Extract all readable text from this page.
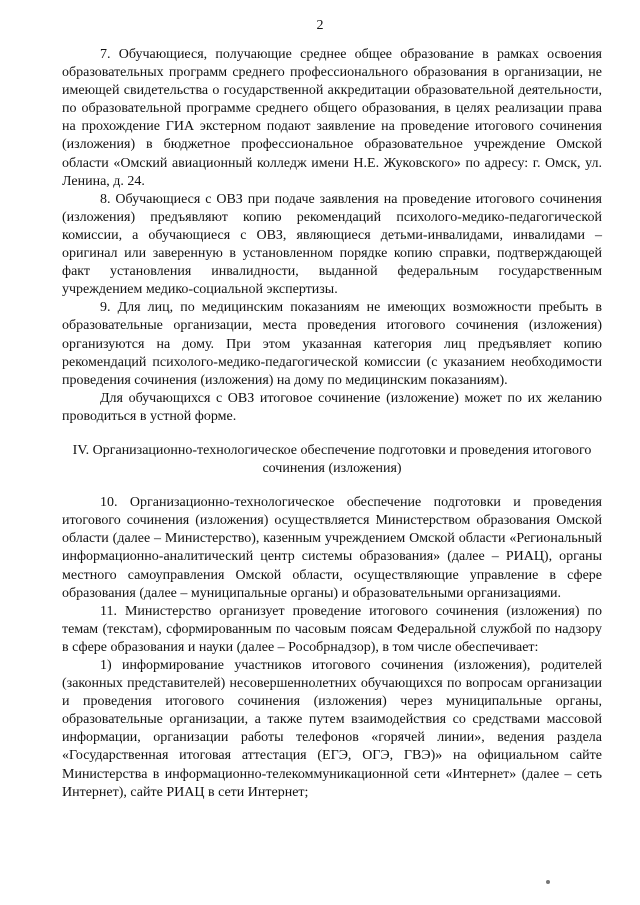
2

7. Обучающиеся, получающие среднее общее образование в рамках освоения образовательных программ среднего профессионального образования в организации, не имеющей свидетельства о государственной аккредитации образовательной деятельности, по образовательной программе среднего общего образования, в целях реализации права на прохождение ГИА экстерном подают заявление на проведение итогового сочинения (изложения) в бюджетное профессиональное образовательное учреждение Омской области «Омский авиационный колледж имени Н.Е. Жуковского» по адресу: г. Омск, ул. Ленина, д. 24.

8. Обучающиеся с ОВЗ при подаче заявления на проведение итогового сочинения (изложения) предъявляют копию рекомендаций психолого-медико-педагогической комиссии, а обучающиеся с ОВЗ, являющиеся детьми-инвалидами, инвалидами – оригинал или заверенную в установленном порядке копию справки, подтверждающей факт установления инвалидности, выданной федеральным государственным учреждением медико-социальной экспертизы.

9. Для лиц, по медицинским показаниям не имеющих возможности пребыть в образовательные организации, места проведения итогового сочинения (изложения) организуются на дому. При этом указанная категория лиц предъявляет копию рекомендаций психолого-медико-педагогической комиссии (с указанием необходимости проведения сочинения (изложения) на дому по медицинским показаниям).

Для обучающихся с ОВЗ итоговое сочинение (изложение) может по их желанию проводиться в устной форме.

IV. Организационно-технологическое обеспечение подготовки и проведения итогового сочинения (изложения)

10. Организационно-технологическое обеспечение подготовки и проведения итогового сочинения (изложения) осуществляется Министерством образования Омской области (далее – Министерство), казенным учреждением Омской области «Региональный информационно-аналитический центр системы образования» (далее – РИАЦ), органы местного самоуправления Омской области, осуществляющие управление в сфере образования (далее – муниципальные органы) и образовательными организациями.

11. Министерство организует проведение итогового сочинения (изложения) по темам (текстам), сформированным по часовым поясам Федеральной службой по надзору в сфере образования и науки (далее – Рособрнадзор), в том числе обеспечивает:

1) информирование участников итогового сочинения (изложения), родителей (законных представителей) несовершеннолетних обучающихся по вопросам организации и проведения итогового сочинения (изложения) через муниципальные органы, образовательные организации, а также путем взаимодействия со средствами массовой информации, организации работы телефонов «горячей линии», ведения раздела «Государственная итоговая аттестация (ЕГЭ, ОГЭ, ГВЭ)» на официальном сайте Министерства в информационно-телекоммуникационной сети «Интернет» (далее – сеть Интернет), сайте РИАЦ в сети Интернет;
